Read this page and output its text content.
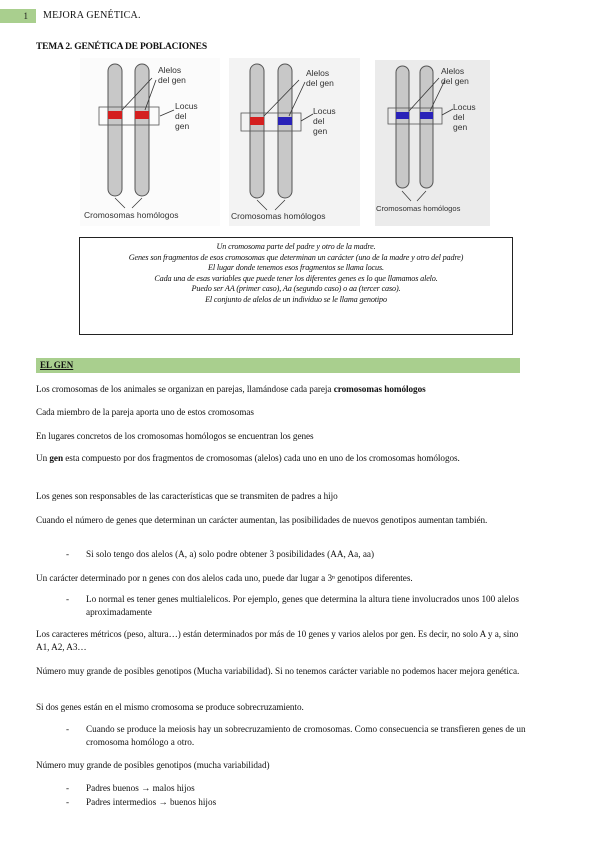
1	MEJORA GENÉTICA.
TEMA 2. GENÉTICA DE POBLACIONES
Alelos
del gen
Locus
del
gen
Cromosomas homólogos
Alelos
del gen
Locus
del
gen
Cromosomas homólogos
Alelos
del gen
Locus
del
gen
Cromosomas homólogos
Un cromosoma parte del padre y otro de la madre.
Genes son fragmentos de esos cromosomas que determinan un carácter (uno de la madre y otro del padre)
El lugar donde tenemos esos fragmentos se llama locus.
Cada una de esas variables que puede tener los diferentes genes es lo que llamamos alelo.
Puedo ser AA (primer caso), Aa (segundo caso) o aa (tercer caso).
El conjunto de alelos de un individuo se le llama genotipo
EL GEN
Los cromosomas de los animales se organizan en parejas, llamándose cada pareja cromosomas homólogos
Cada miembro de la pareja aporta uno de estos cromosomas
En lugares concretos de los cromosomas homólogos se encuentran los genes
Un gen esta compuesto por dos fragmentos de cromosomas (alelos) cada uno en uno de los cromosomas homólogos.
Los genes son responsables de las características que se transmiten de padres a hijo
Cuando el número de genes que determinan un carácter aumentan, las posibilidades de nuevos genotipos aumentan también.
- Si solo tengo dos alelos (A, a) solo podre obtener 3 posibilidades (AA, Aa, aa)
Un carácter determinado por n genes con dos alelos cada uno, puede dar lugar a 3ⁿ genotipos diferentes.
- Lo normal es tener genes multialelicos. Por ejemplo, genes que determina la altura tiene involucrados unos 100 alelos aproximadamente
Los caracteres métricos (peso, altura…) están determinados por más de 10 genes y varios alelos por gen. Es decir, no solo A y a, sino A1, A2, A3…
Número muy grande de posibles genotipos (Mucha variabilidad). Si no tenemos carácter variable no podemos hacer mejora genética.
Si dos genes están en el mismo cromosoma se produce sobrecruzamiento.
- Cuando se produce la meiosis hay un sobrecruzamiento de cromosomas. Como consecuencia se transfieren genes de un cromosoma homólogo a otro.
Número muy grande de posibles genotipos (mucha variabilidad)
- Padres buenos → malos hijos
- Padres intermedios → buenos hijos
